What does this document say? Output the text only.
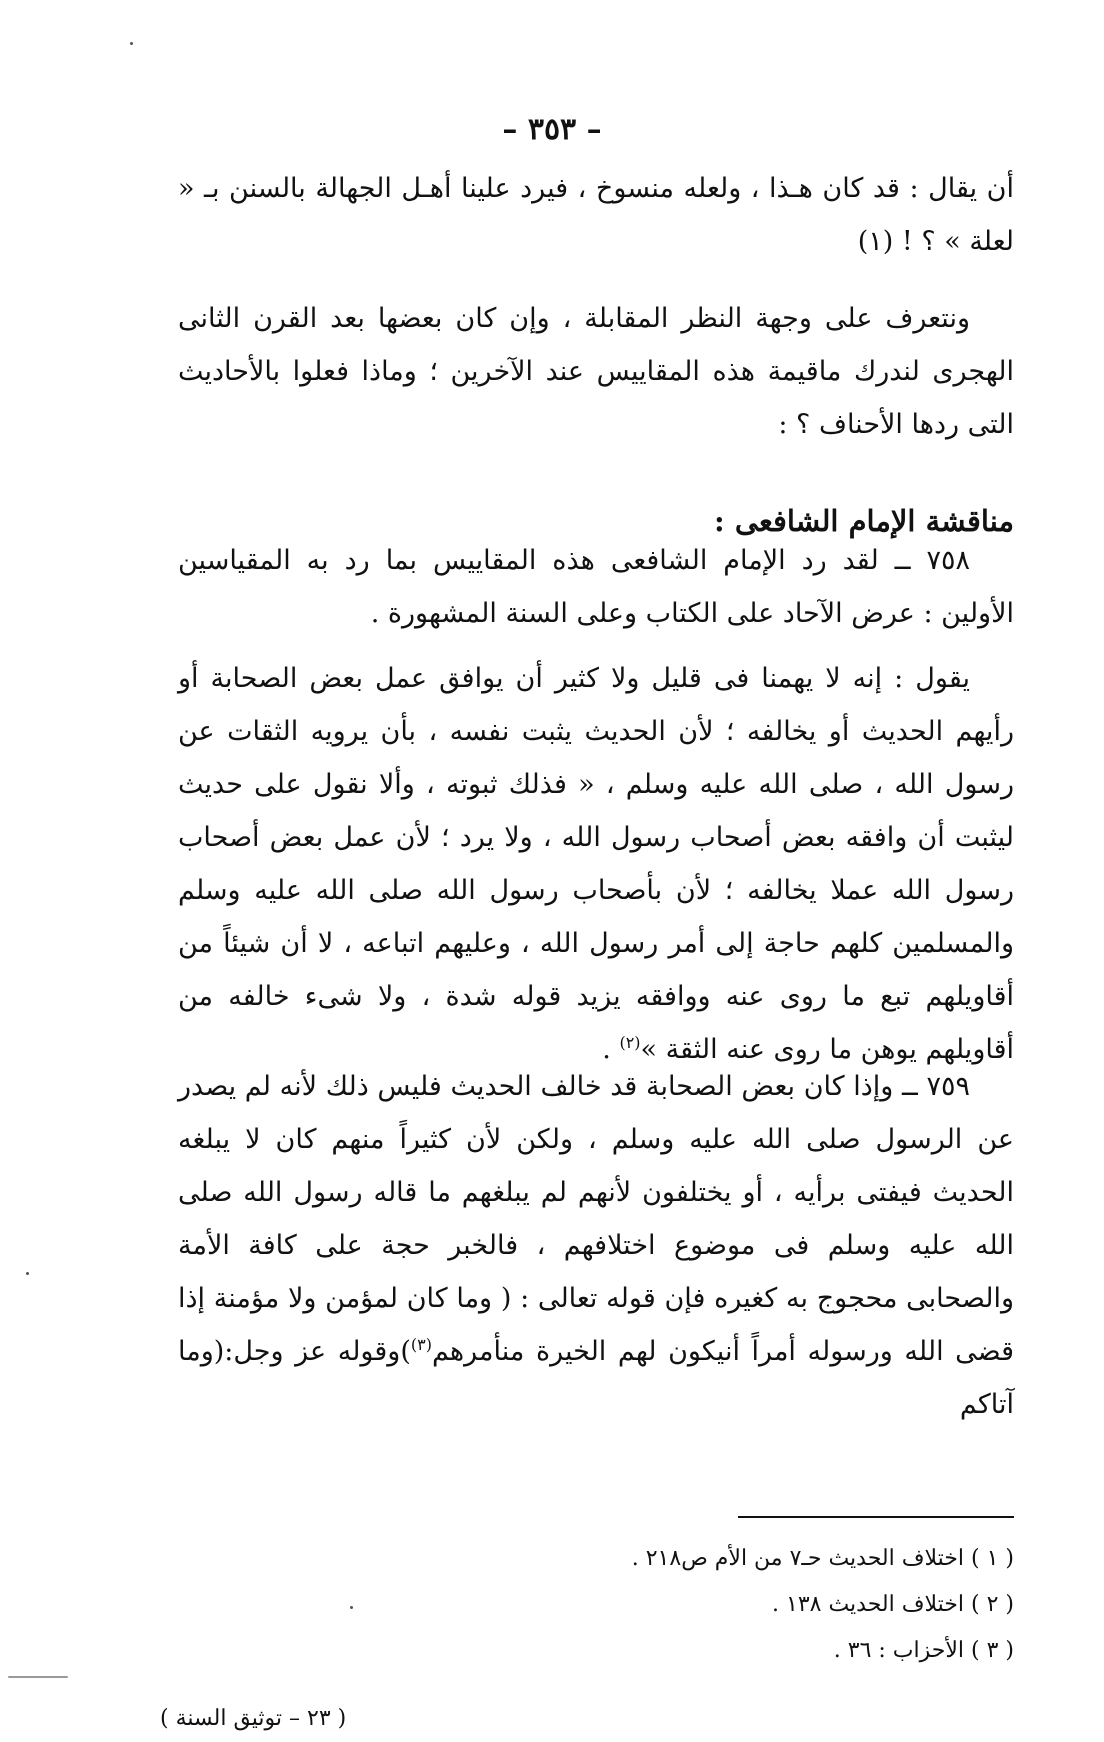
– ٣٥٣ –
أن يقال : قد كان هـذا ، ولعله منسوخ ، فيرد علينا أهـل الجهالة بالسنن بـ « لعلة » ؟ ! (١)
ونتعرف على وجهة النظر المقابلة ، وإن كان بعضها بعد القرن الثانى الهجرى لندرك ماقيمة هذه المقاييس عند الآخرين ؛ وماذا فعلوا بالأحاديث التى ردها الأحناف ؟ :
مناقشة الإمام الشافعى :
٧٥٨ ــ لقد رد الإمام الشافعى هذه المقاييس بما رد به المقياسين الأولين : عرض الآحاد على الكتاب وعلى السنة المشهورة .
يقول : إنه لا يهمنا فى قليل ولا كثير أن يوافق عمل بعض الصحابة أو رأيهم الحديث أو يخالفه ؛ لأن الحديث يثبت نفسه ، بأن يرويه الثقات عن رسول الله ، صلى الله عليه وسلم ، « فذلك ثبوته ، وألا نقول على حديث ليثبت أن وافقه بعض أصحاب رسول الله ، ولا يرد ؛ لأن عمل بعض أصحاب رسول الله عملا يخالفه ؛ لأن بأصحاب رسول الله صلى الله عليه وسلم والمسلمين كلهم حاجة إلى أمر رسول الله ، وعليهم اتباعه ، لا أن شيئاً من أقاويلهم تبع ما روى عنه ووافقه يزيد قوله شدة ، ولا شىء خالفه من أقاويلهم يوهن ما روى عنه الثقة »$^{(٢)}$ .
٧٥٩ ــ وإذا كان بعض الصحابة قد خالف الحديث فليس ذلك لأنه لم يصدر عن الرسول صلى الله عليه وسلم ، ولكن لأن كثيراً منهم كان لا يبلغه الحديث فيفتى برأيه ، أو يختلفون لأنهم لم يبلغهم ما قاله رسول الله صلى الله عليه وسلم فى موضوع اختلافهم ، فالخبر حجة على كافة الأمة والصحابى محجوج به كغيره فإن قوله تعالى : ( وما كان لمؤمن ولا مؤمنة إذا قضى الله ورسوله أمراً أنيكون لهم الخيرة منأمرهم$^{(٣)}$)وقوله عز وجل:(وما آتاكم
( ١ ) اختلاف الحديث حـ٧ من الأم ص٢١٨ .
( ٢ ) اختلاف الحديث ١٣٨ .
( ٣ ) الأحزاب : ٣٦ .
( ٢٣ – توثيق السنة )
